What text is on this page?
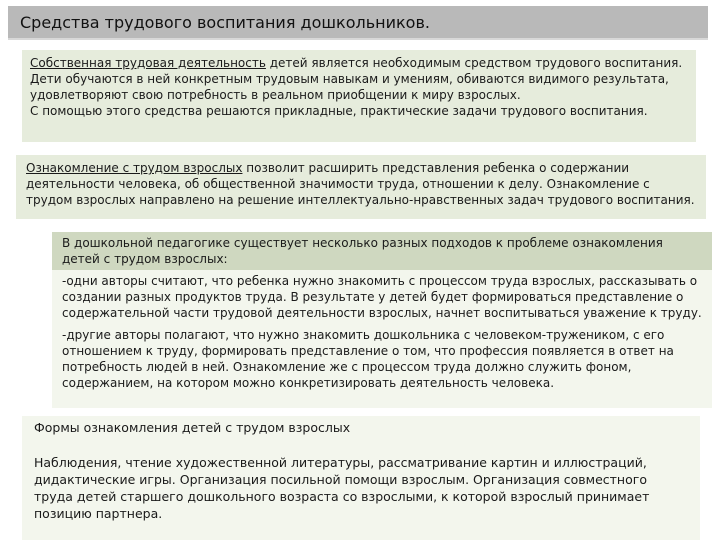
Средства трудового воспитания дошкольников.

Собственная трудовая деятельность детей является необходимым средством трудового воспитания. Дети обучаются в ней конкретным трудовым навыкам и умениям, обиваются видимого результата, удовлетворяют свою потребность в реальном приобщении к миру взрослых.

С помощью этого средства решаются прикладные, практические задачи трудового воспитания.

Ознакомление с трудом взрослых позволит расширить представления ребенка о содержании деятельности человека, об общественной значимости труда, отношении к делу. Ознакомление с трудом взрослых направлено на решение интеллектуально-нравственных задач трудового воспитания.

В дошкольной педагогике существует несколько разных подходов к проблеме ознакомления детей с трудом взрослых:

-одни авторы считают, что ребенка нужно знакомить с процессом труда взрослых, рассказывать о создании разных продуктов труда. В результате у детей будет формироваться представление о содержательной части трудовой деятельности взрослых, начнет воспитываться уважение к труду.

-другие авторы полагают, что нужно знакомить дошкольника с человеком-тружеником, с его отношением к труду, формировать представление о том, что профессия появляется в ответ на потребность людей в ней. Ознакомление же с процессом труда должно служить фоном, содержанием, на котором можно конкретизировать деятельность человека.

Формы ознакомления детей с трудом взрослых

Наблюдения, чтение художественной литературы, рассматривание картин и иллюстраций, дидактические игры. Организация посильной помощи взрослым. Организация совместного труда детей старшего дошкольного возраста со взрослыми, к которой взрослый принимает позицию партнера.
